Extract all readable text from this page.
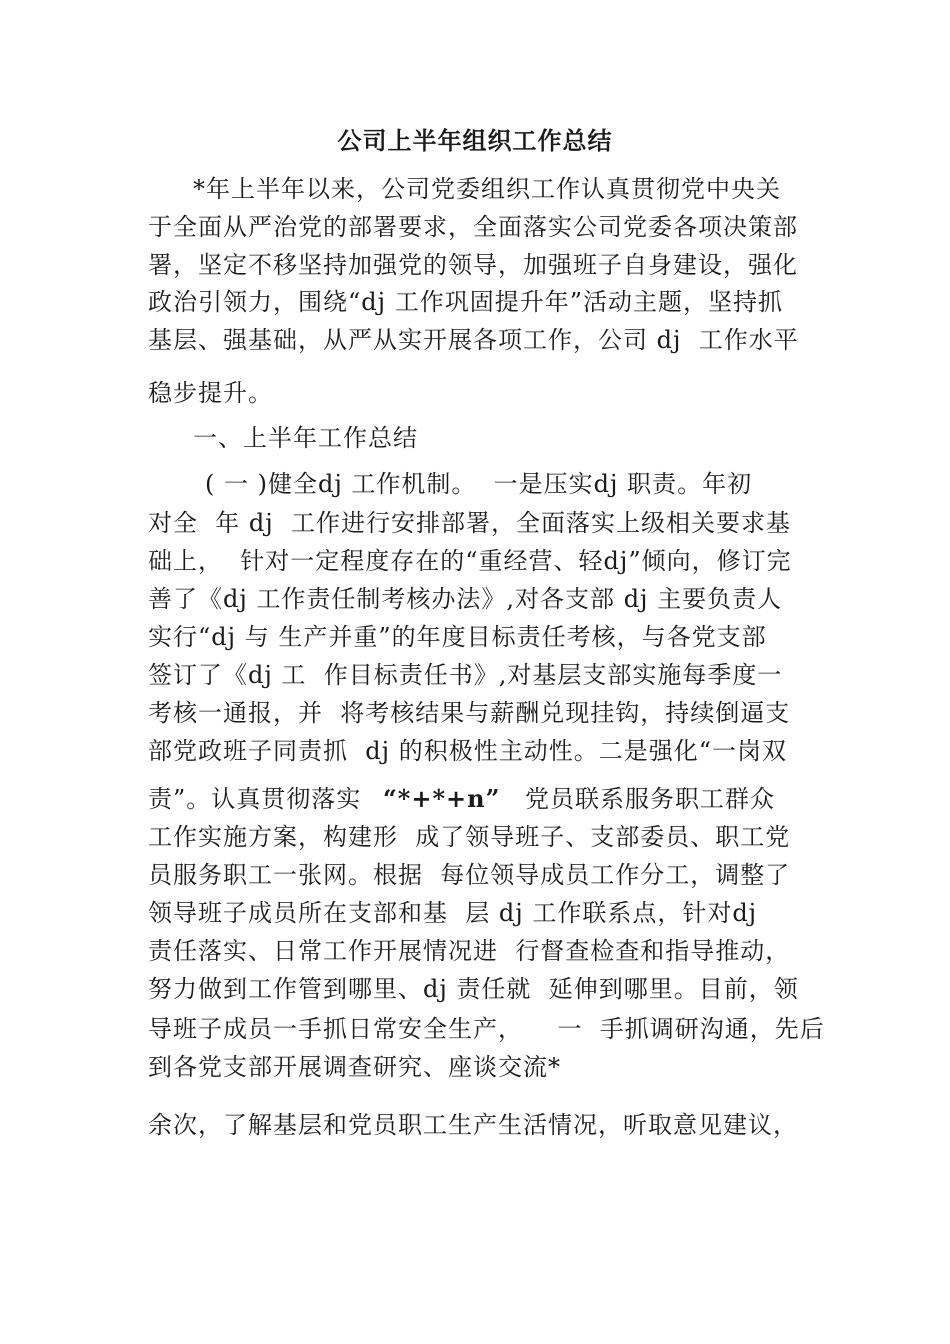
公司上半年组织工作总结
*年上半年以来，公司党委组织工作认真贯彻党中央关
于全面从严治党的部署要求，全面落实公司党委各项决策部
署，坚定不移坚持加强党的领导，加强班子自身建设，强化
政治引领力，围绕“dj 工作巩固提升年”活动主题，坚持抓
基层、强基础，从严从实开展各项工作，公司 dj  工作水平
稳步提升。
一、上半年工作总结
( 一 )健全dj 工作机制。  一是压实dj 职责。年初
对全  年 dj  工作进行安排部署，全面落实上级相关要求基
础上，  针对一定程度存在的“重经营、轻dj”倾向，修订完
善了《dj 工作责任制考核办法》,对各支部 dj 主要负责人
实行“dj 与 生产并重”的年度目标责任考核，与各党支部
签订了《dj 工  作目标责任书》,对基层支部实施每季度一
考核一通报，并  将考核结果与薪酬兑现挂钩，持续倒逼支
部党政班子同责抓  dj 的积极性主动性。二是强化“一岗双
责”。认真贯彻落实 “*+*+n” 党员联系服务职工群众
工作实施方案，构建形  成了领导班子、支部委员、职工党
员服务职工一张网。根据  每位领导成员工作分工，调整了
领导班子成员所在支部和基  层 dj 工作联系点，针对dj
责任落实、日常工作开展情况进  行督查检查和指导推动，
努力做到工作管到哪里、dj 责任就  延伸到哪里。目前，领
导班子成员一手抓日常安全生产，    一  手抓调研沟通，先后
到各党支部开展调查研究、座谈交流*
余次，了解基层和党员职工生产生活情况，听取意见建议，
